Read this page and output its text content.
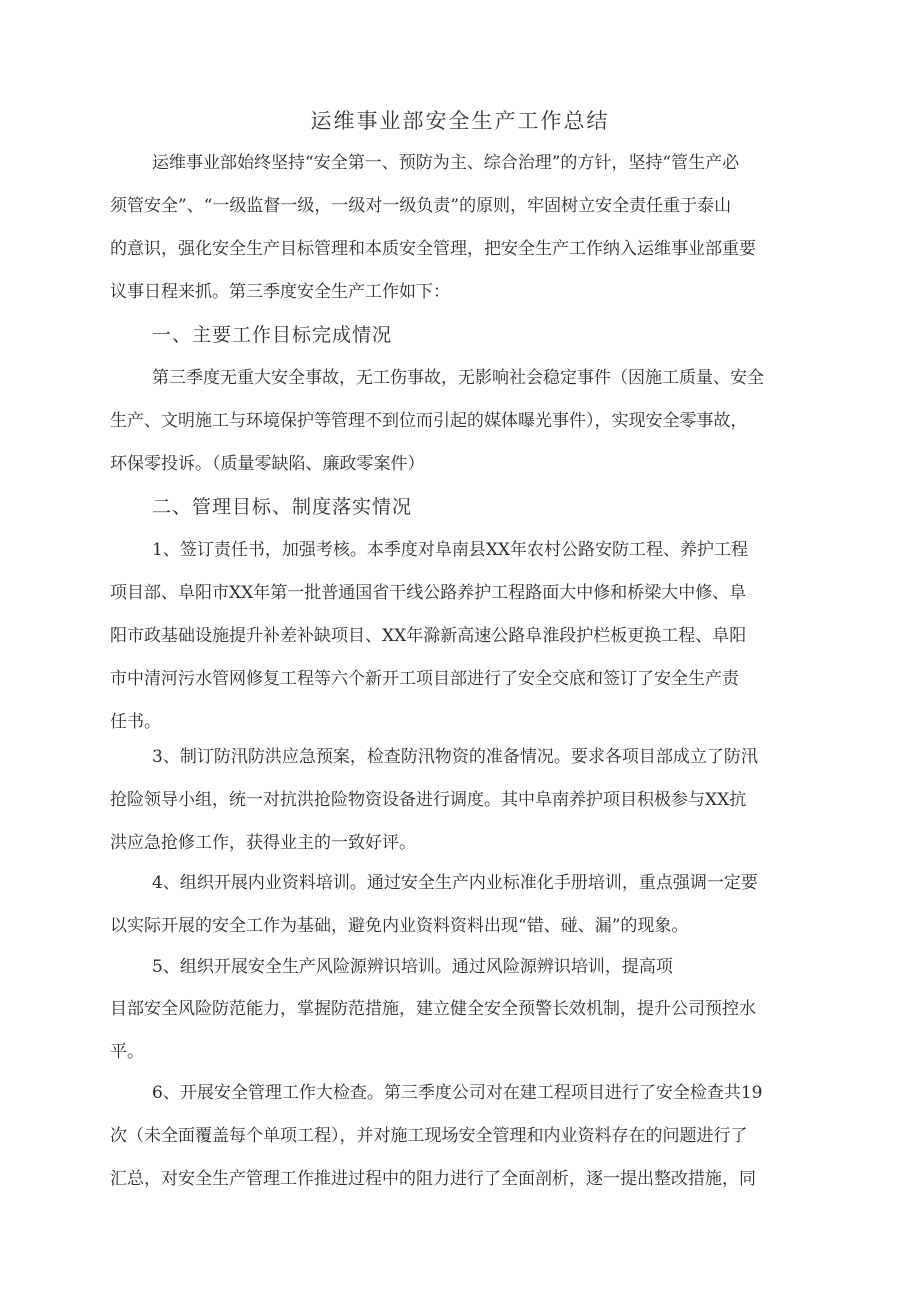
运维事业部安全生产工作总结
运维事业部始终坚持“安全第一、预防为主、综合治理”的方针，坚持“管生产必
须管安全”、“一级监督一级，一级对一级负责”的原则，牢固树立安全责任重于泰山
的意识，强化安全生产目标管理和本质安全管理，把安全生产工作纳入运维事业部重要
议事日程来抓。第三季度安全生产工作如下：
一、主要工作目标完成情况
第三季度无重大安全事故，无工伤事故，无影响社会稳定事件（因施工质量、安全
生产、文明施工与环境保护等管理不到位而引起的媒体曝光事件），实现安全零事故，
环保零投诉。（质量零缺陷、廉政零案件）
二、管理目标、制度落实情况
1、签订责任书，加强考核。本季度对阜南县XX年农村公路安防工程、养护工程
项目部、阜阳市XX年第一批普通国省干线公路养护工程路面大中修和桥梁大中修、阜
阳市政基础设施提升补差补缺项目、XX年滁新高速公路阜淮段护栏板更换工程、阜阳
市中清河污水管网修复工程等六个新开工项目部进行了安全交底和签订了安全生产责
任书。
3、制订防汛防洪应急预案，检查防汛物资的准备情况。要求各项目部成立了防汛
抢险领导小组，统一对抗洪抢险物资设备进行调度。其中阜南养护项目积极参与XX抗
洪应急抢修工作，获得业主的一致好评。
4、组织开展内业资料培训。通过安全生产内业标准化手册培训，重点强调一定要
以实际开展的安全工作为基础，避免内业资料资料出现“错、碰、漏”的现象。
5、组织开展安全生产风险源辨识培训。通过风险源辨识培训，提高项
目部安全风险防范能力，掌握防范措施，建立健全安全预警长效机制，提升公司预控水
平。
6、开展安全管理工作大检查。第三季度公司对在建工程项目进行了安全检查共19
次（未全面覆盖每个单项工程），并对施工现场安全管理和内业资料存在的问题进行了
汇总，对安全生产管理工作推进过程中的阻力进行了全面剖析，逐一提出整改措施，同
